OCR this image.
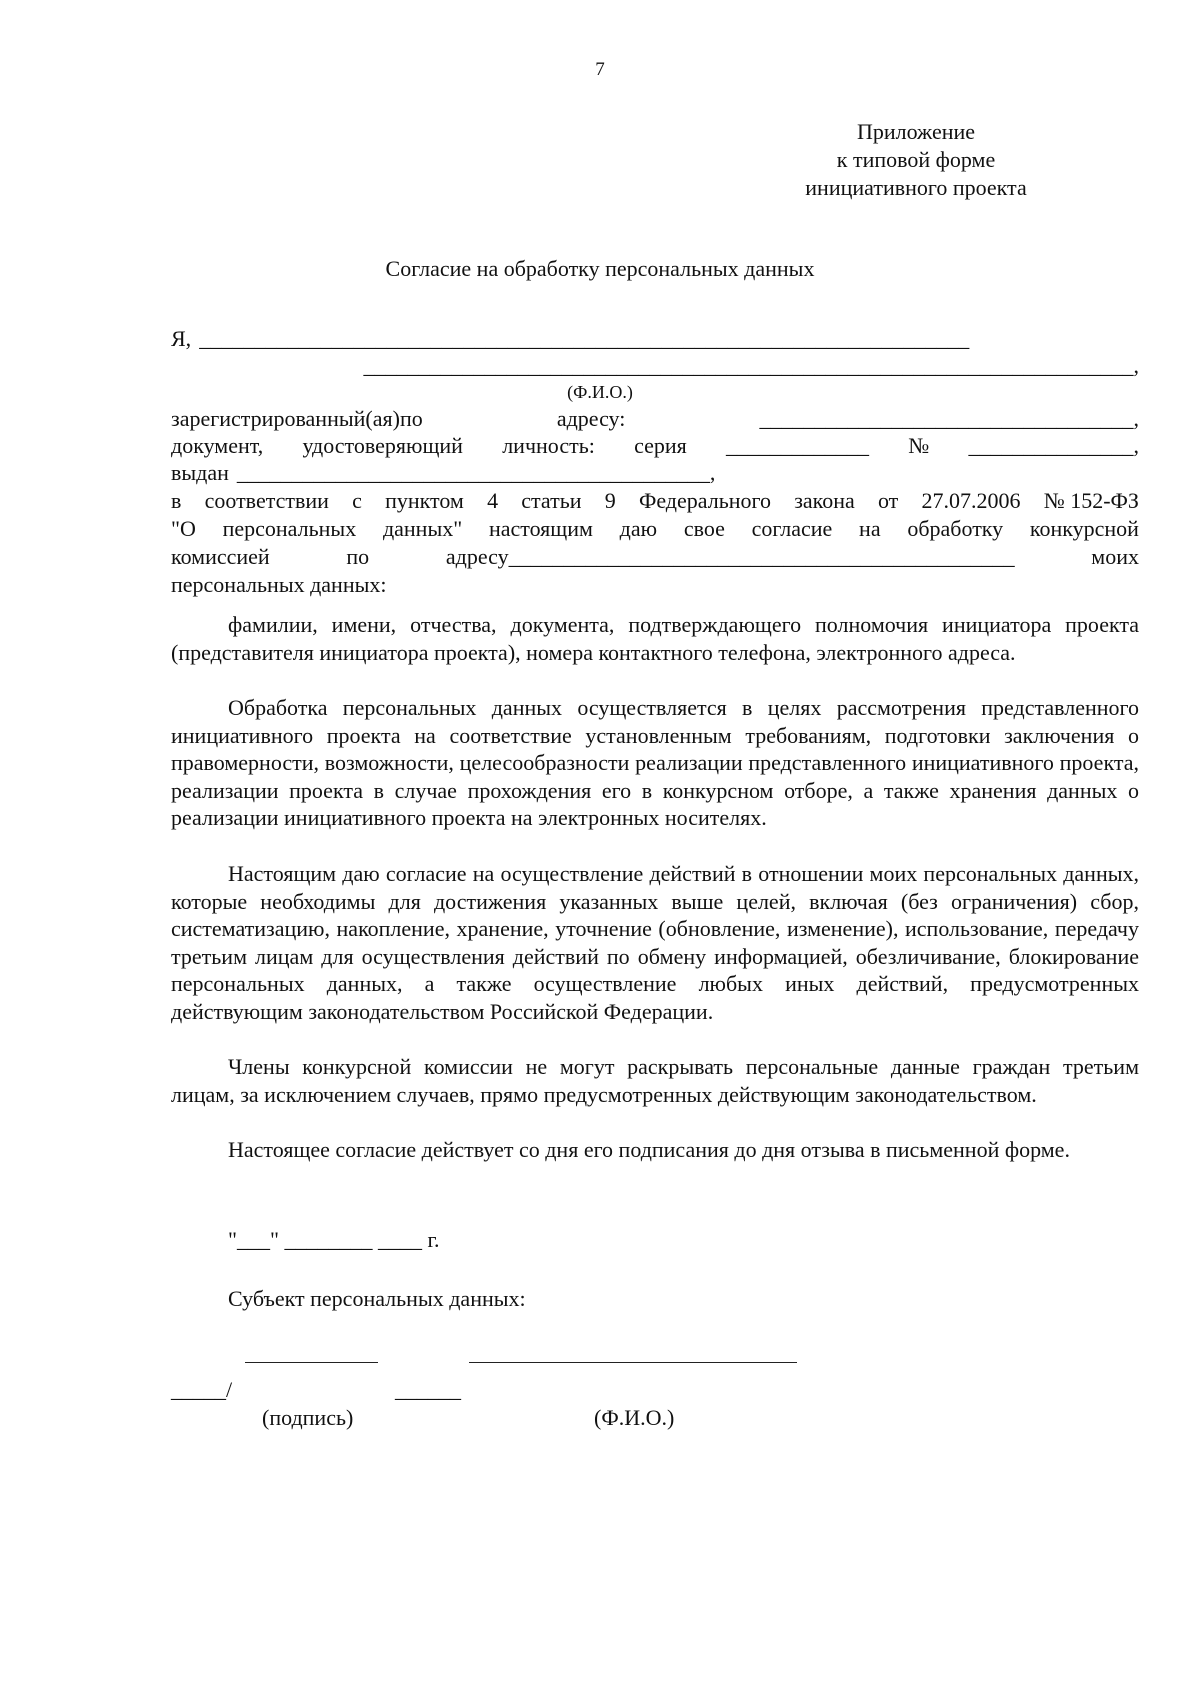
7
Приложение
к типовой форме
инициативного проекта
Согласие на обработку персональных данных
Я, ______________________________________________________________________
______________________________________________________________________,
(Ф.И.О.)
зарегистрированный(ая)по	адресу:	__________________________________,
документ, удостоверяющий личность: серия _____________ № _______________,
выдан ___________________________________________,
в соответствии с пунктом 4 статьи 9 Федерального закона от 27.07.2006 № 152-ФЗ
"О персональных данных" настоящим даю свое согласие на обработку конкурсной
комиссией	по	адресу______________________________________________	моих
персональных данных:
фамилии, имени, отчества, документа, подтверждающего полномочия инициатора проекта (представителя инициатора проекта), номера контактного телефона, электронного адреса.
Обработка персональных данных осуществляется в целях рассмотрения представленного инициативного проекта на соответствие установленным требованиям, подготовки заключения о правомерности, возможности, целесообразности реализации представленного инициативного проекта, реализации проекта в случае прохождения его в конкурсном отборе, а также хранения данных о реализации инициативного проекта на электронных носителях.
Настоящим даю согласие на осуществление действий в отношении моих персональных данных, которые необходимы для достижения указанных выше целей, включая (без ограничения) сбор, систематизацию, накопление, хранение, уточнение (обновление, изменение), использование, передачу третьим лицам для осуществления действий по обмену информацией, обезличивание, блокирование персональных данных, а также осуществление любых иных действий, предусмотренных действующим законодательством Российской Федерации.
Члены конкурсной комиссии не могут раскрывать персональные данные граждан третьим лицам, за исключением случаев, прямо предусмотренных действующим законодательством.
Настоящее согласие действует со дня его подписания до дня отзыва в письменной форме.
"___" ________ ____ г.
Субъект персональных данных:
_____/	______
(подпись)	(Ф.И.О.)
